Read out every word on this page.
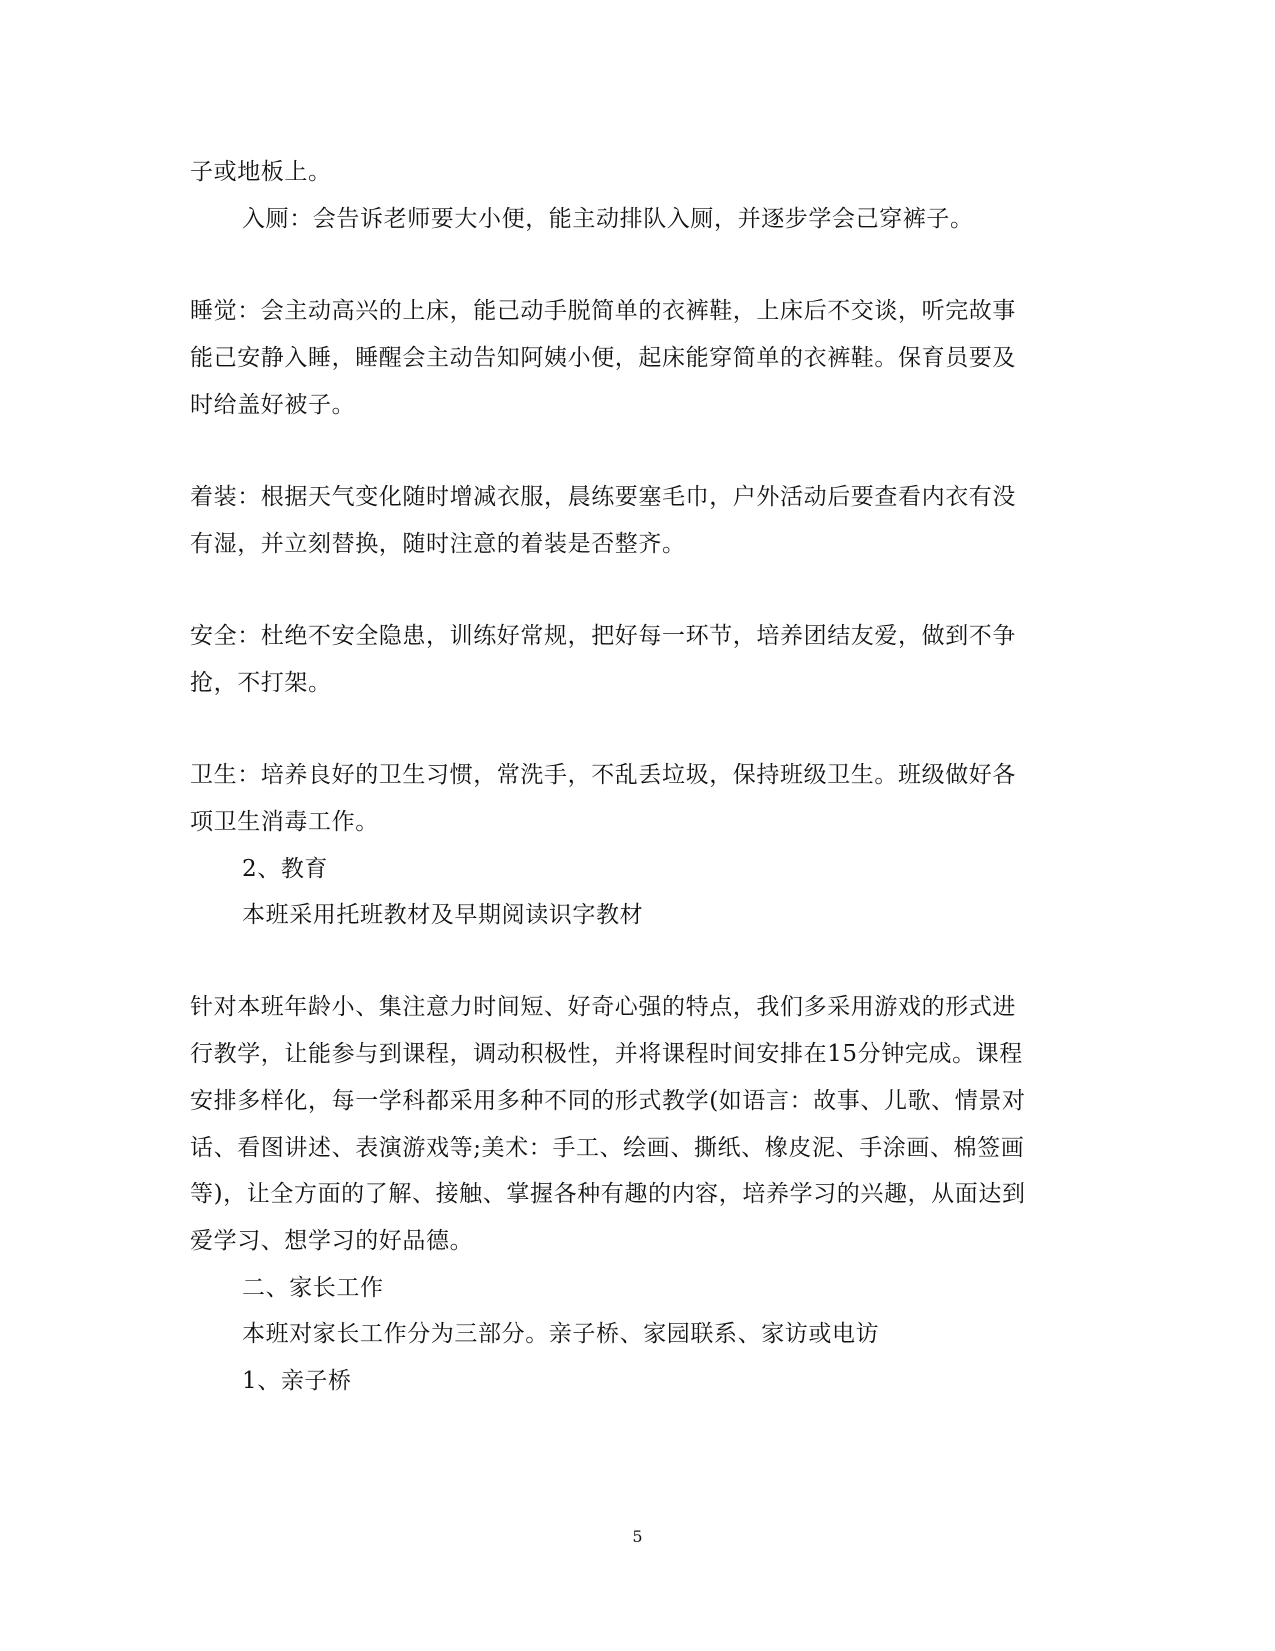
子或地板上。
入厕：会告诉老师要大小便，能主动排队入厕，并逐步学会己穿裤子。
睡觉：会主动高兴的上床，能己动手脱简单的衣裤鞋，上床后不交谈，听完故事
能己安静入睡，睡醒会主动告知阿姨小便，起床能穿简单的衣裤鞋。保育员要及
时给盖好被子。
着装：根据天气变化随时增减衣服，晨练要塞毛巾，户外活动后要查看内衣有没
有湿，并立刻替换，随时注意的着装是否整齐。
安全：杜绝不安全隐患，训练好常规，把好每一环节，培养团结友爱，做到不争
抢，不打架。
卫生：培养良好的卫生习惯，常洗手，不乱丢垃圾，保持班级卫生。班级做好各
项卫生消毒工作。
2、教育
本班采用托班教材及早期阅读识字教材
针对本班年龄小、集注意力时间短、好奇心强的特点，我们多采用游戏的形式进
行教学，让能参与到课程，调动积极性，并将课程时间安排在15分钟完成。课程
安排多样化，每一学科都采用多种不同的形式教学(如语言：故事、儿歌、情景对
话、看图讲述、表演游戏等;美术：手工、绘画、撕纸、橡皮泥、手涂画、棉签画
等)，让全方面的了解、接触、掌握各种有趣的内容，培养学习的兴趣，从面达到
爱学习、想学习的好品德。
二、家长工作
本班对家长工作分为三部分。亲子桥、家园联系、家访或电访
1、亲子桥
5
